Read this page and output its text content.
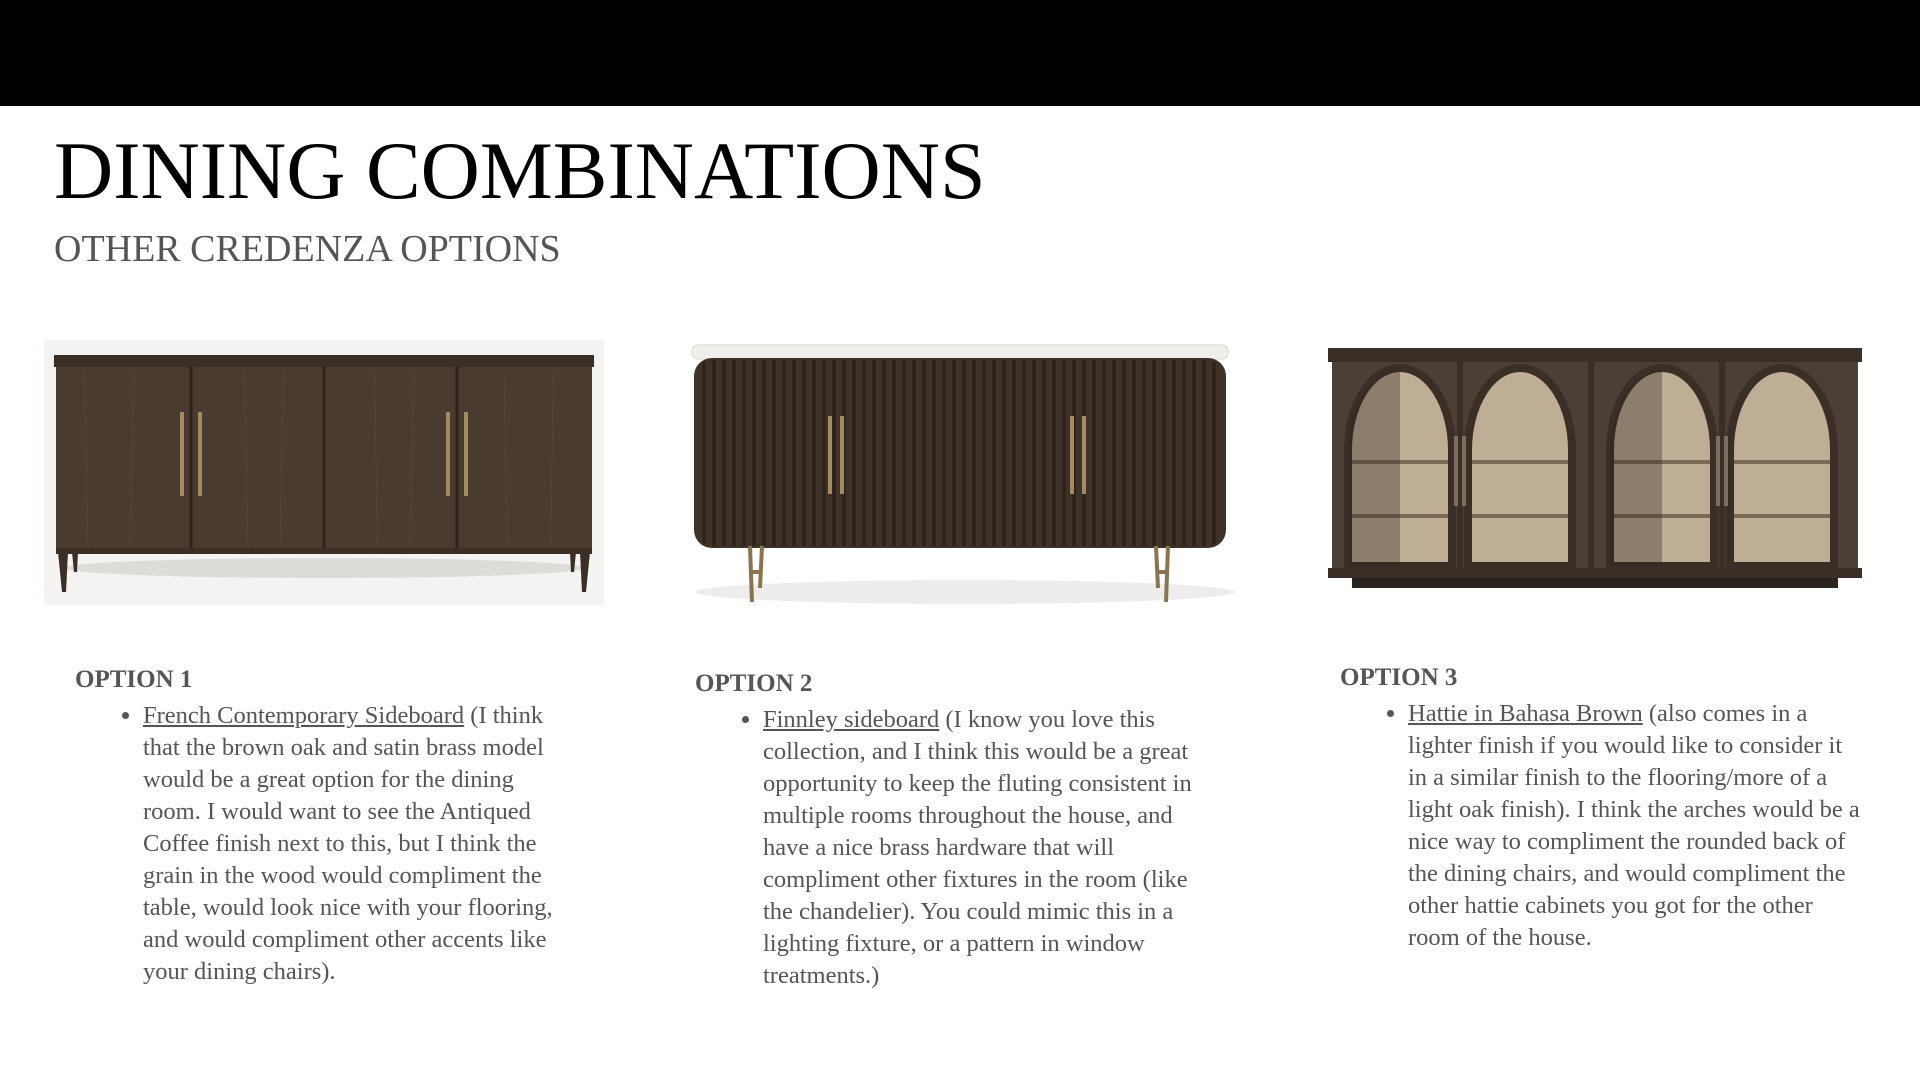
DINING COMBINATIONS
OTHER CREDENZA OPTIONS

OPTION 1

• French Contemporary Sideboard (I think that the brown oak and satin brass model would be a great option for the dining room. I would want to see the Antiqued Coffee finish next to this, but I think the grain in the wood would compliment the table, would look nice with your flooring, and would compliment other accents like your dining chairs).

OPTION 2

• Finnley sideboard (I know you love this collection, and I think this would be a great opportunity to keep the fluting consistent in multiple rooms throughout the house, and have a nice brass hardware that will compliment other fixtures in the room (like the chandelier). You could mimic this in a lighting fixture, or a pattern in window treatments.)

OPTION 3

• Hattie in Bahasa Brown (also comes in a lighter finish if you would like to consider it in a similar finish to the flooring/more of a light oak finish). I think the arches would be a nice way to compliment the rounded back of the dining chairs, and would compliment the other hattie cabinets you got for the other room of the house.
